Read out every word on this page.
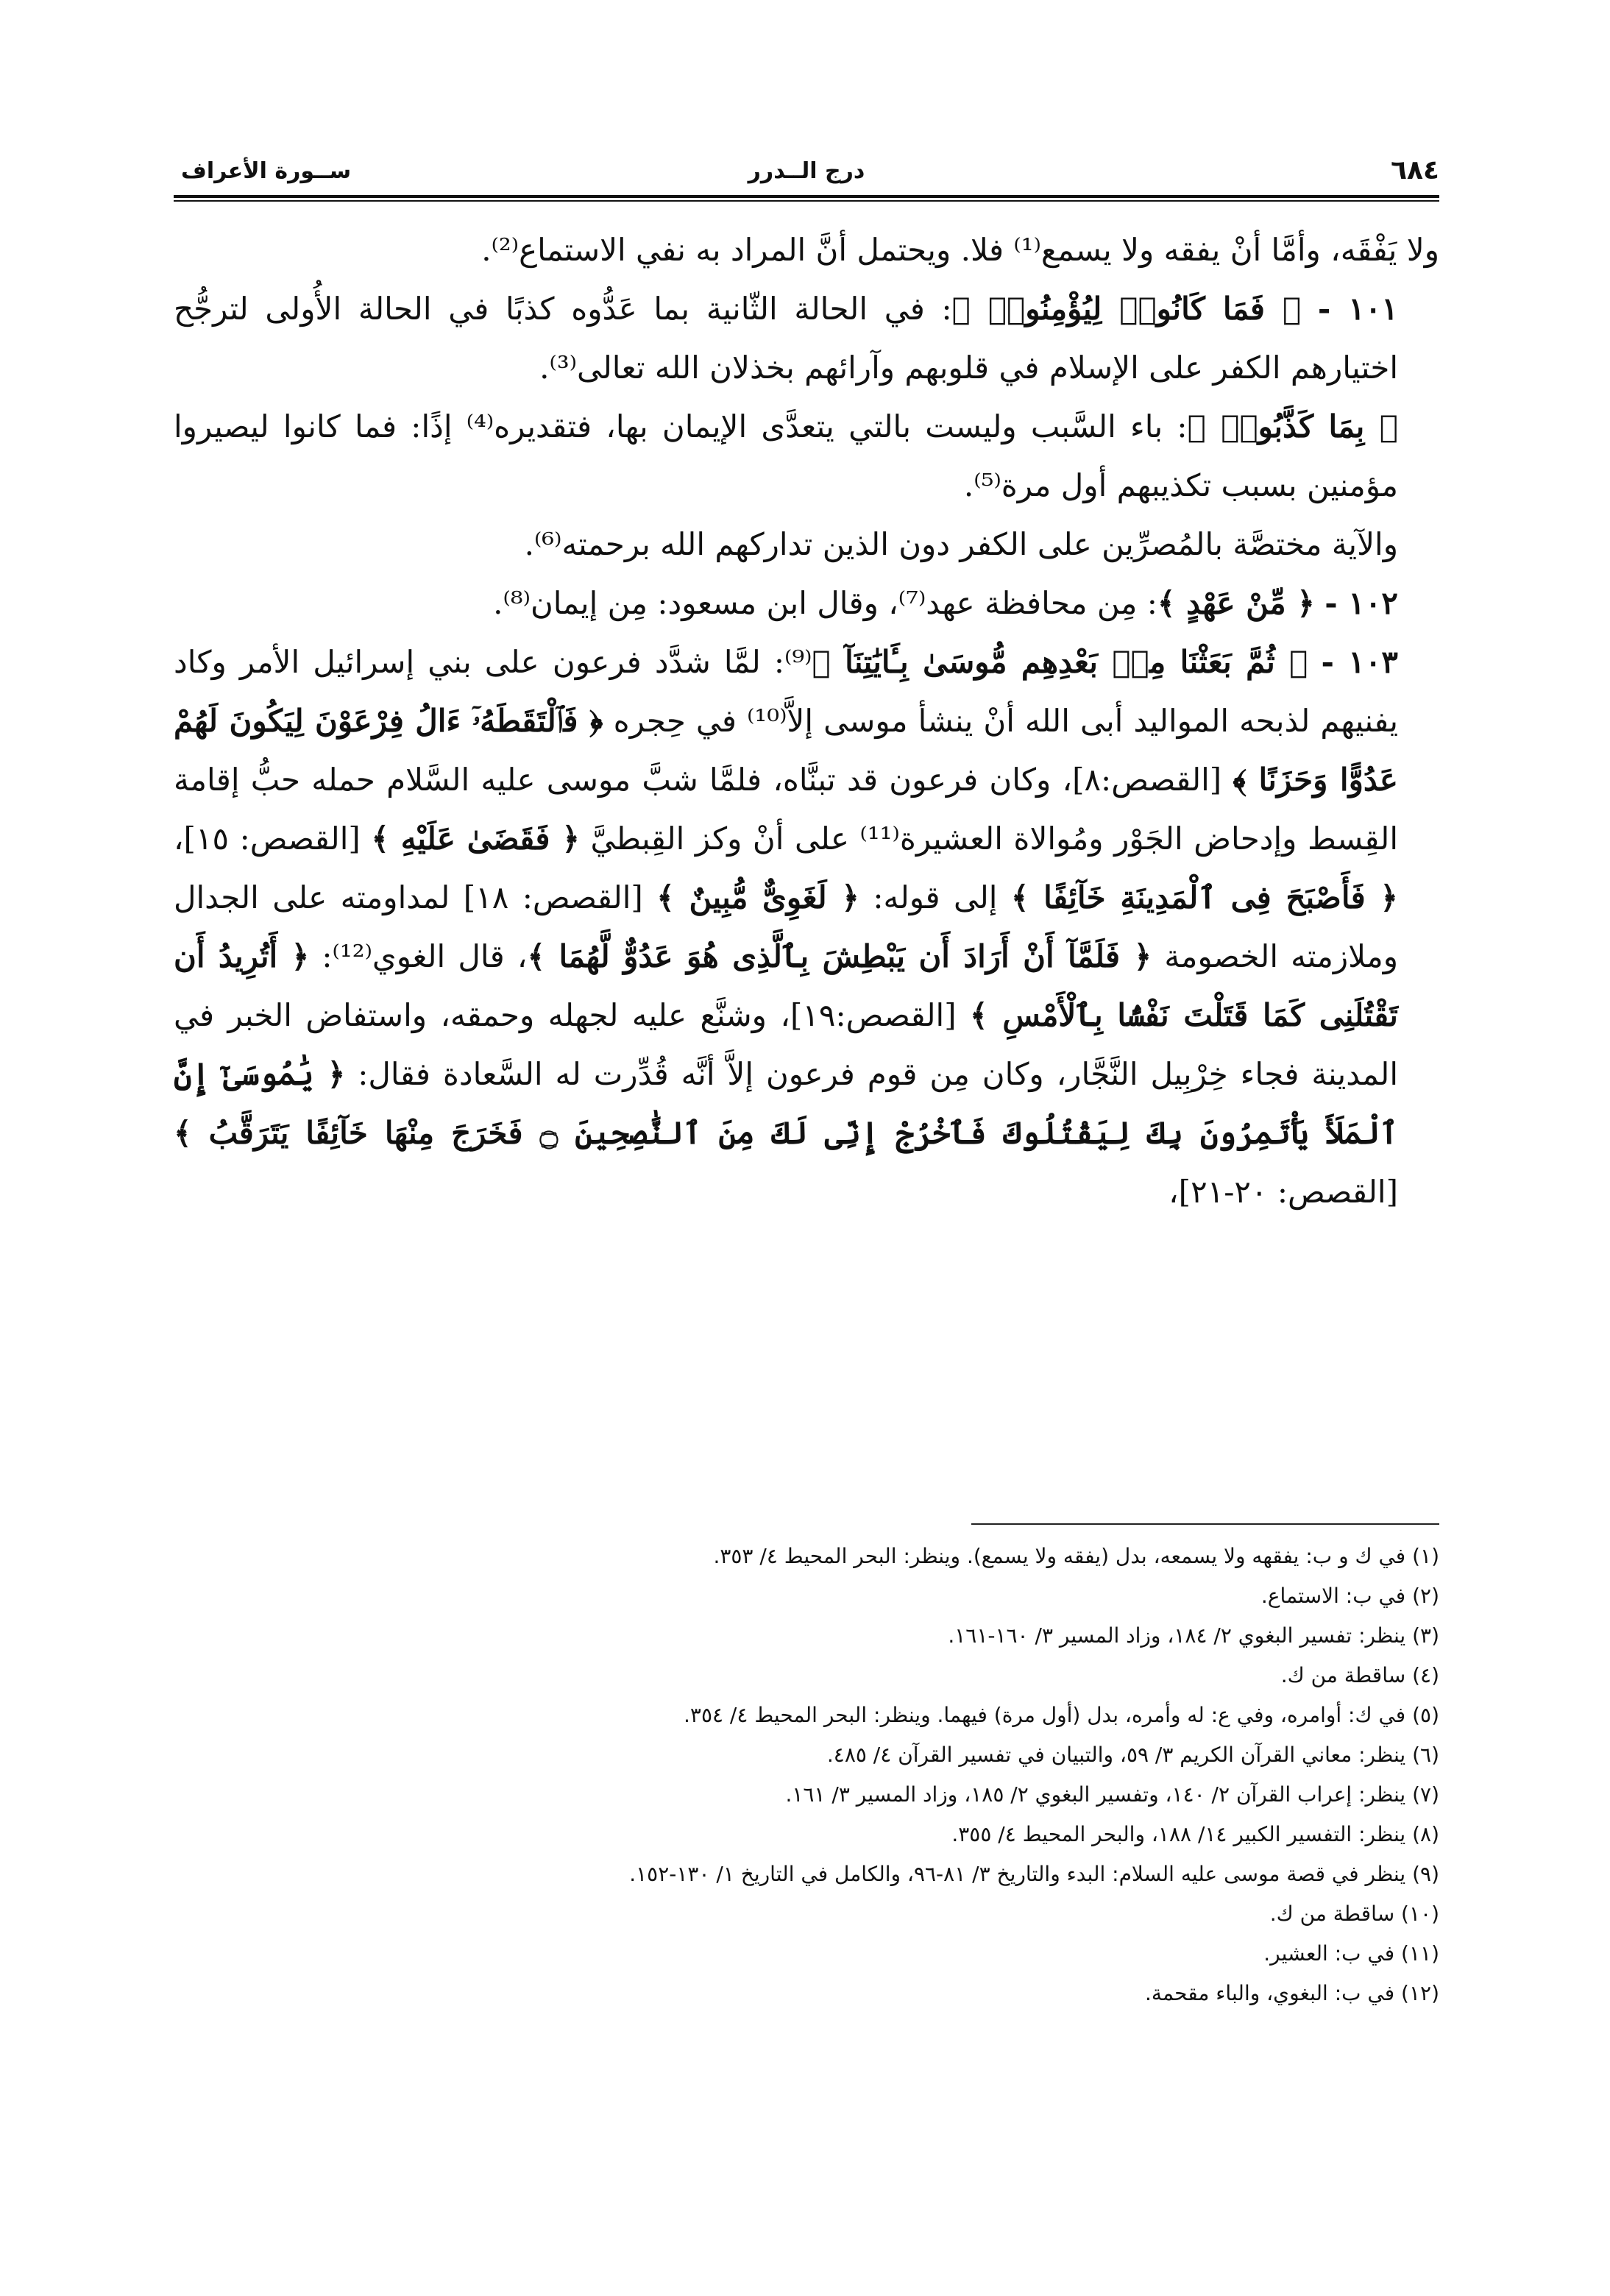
٦٨٤
درج الــدرر
ســورة الأعراف

ولا يَفْقَه، وأمَّا أنْ يفقه ولا يسمع⁽¹⁾ فلا. ويحتمل أنَّ المراد به نفي الاستماع⁽²⁾.

١٠١ - ﴿ فَمَا كَانُوا۟ لِيُؤْمِنُوا۟ ﴾: في الحالة الثّانية بما عَدُّوه كذبًا في الحالة الأُولى لترجُّح اختيارهم الكفر على الإسلام في قلوبهم وآرائهم بخذلان الله تعالى⁽³⁾.

﴿ بِمَا كَذَّبُوا۟ ﴾: باء السَّبب وليست بالتي يتعدَّى الإيمان بها، فتقديره⁽⁴⁾ إذًا: فما كانوا ليصيروا مؤمنين بسبب تكذيبهم أول مرة⁽⁵⁾.

والآية مختصَّة بالمُصرِّين على الكفر دون الذين تداركهم الله برحمته⁽⁶⁾.

١٠٢ - ﴿ مِّنْ عَهْدٍ ﴾: مِن محافظة عهد⁽⁷⁾، وقال ابن مسعود: مِن إيمان⁽⁸⁾.

١٠٣ - ﴿ ثُمَّ بَعَثْنَا مِنۢ بَعْدِهِم مُّوسَىٰ بِـَٔايَٰتِنَآ ﴾⁽⁹⁾: لمَّا شدَّد فرعون على بني إسرائيل الأمر وكاد يفنيهم لذبحه المواليد أبى الله أنْ ينشأ موسى إلاَّ⁽¹⁰⁾ في حِجره ﴿ فَٱلْتَقَطَهُۥٓ ءَالُ فِرْعَوْنَ لِيَكُونَ لَهُمْ عَدُوًّا وَحَزَنًا ﴾ [القصص:٨]، وكان فرعون قد تبنَّاه، فلمَّا شبَّ موسى عليه السَّلام حمله حبُّ إقامة القِسط وإدحاض الجَوْر ومُوالاة العشيرة⁽¹¹⁾ على أنْ وكز القِبطيَّ ﴿ فَقَضَىٰ عَلَيْهِ ﴾ [القصص: ١٥]، ﴿ فَأَصْبَحَ فِى ٱلْمَدِينَةِ خَآئِفًا ﴾ إلى قوله: ﴿ لَغَوِىٌّ مُّبِينٌ ﴾ [القصص: ١٨] لمداومته على الجدال وملازمته الخصومة ﴿ فَلَمَّآ أَنْ أَرَادَ أَن يَبْطِشَ بِٱلَّذِى هُوَ عَدُوٌّ لَّهُمَا ﴾، قال الغوي⁽¹²⁾: ﴿ أَتُرِيدُ أَن تَقْتُلَنِى كَمَا قَتَلْتَ نَفْسًۢا بِٱلْأَمْسِ ﴾ [القصص:١٩]، وشنَّع عليه لجهله وحمقه، واستفاض الخبر في المدينة فجاء خِرْبِيل النَّجَّار، وكان مِن قوم فرعون إلاَّ أنَّه قُدِّرت له السَّعادة فقال: ﴿ يَٰمُوسَىٰٓ إِنَّ ٱلْمَلَأَ يَأْتَمِرُونَ بِكَ لِيَقْتُلُوكَ فَٱخْرُجْ إِنِّى لَكَ مِنَ ٱلنَّٰصِحِينَ ۝ فَخَرَجَ مِنْهَا خَآئِفًا يَتَرَقَّبُ ﴾ [القصص: ٢٠-٢١]،

(١) في ك و ب: يفقهه ولا يسمعه، بدل (يفقه ولا يسمع). وينظر: البحر المحيط ٤/ ٣٥٣.
(٢) في ب: الاستماع.
(٣) ينظر: تفسير البغوي ٢/ ١٨٤، وزاد المسير ٣/ ١٦٠-١٦١.
(٤) ساقطة من ك.
(٥) في ك: أوامره، وفي ع: له وأمره، بدل (أول مرة) فيهما. وينظر: البحر المحيط ٤/ ٣٥٤.
(٦) ينظر: معاني القرآن الكريم ٣/ ٥٩، والتبيان في تفسير القرآن ٤/ ٤٨٥.
(٧) ينظر: إعراب القرآن ٢/ ١٤٠، وتفسير البغوي ٢/ ١٨٥، وزاد المسير ٣/ ١٦١.
(٨) ينظر: التفسير الكبير ١٤/ ١٨٨، والبحر المحيط ٤/ ٣٥٥.
(٩) ينظر في قصة موسى عليه السلام: البدء والتاريخ ٣/ ٨١-٩٦، والكامل في التاريخ ١/ ١٣٠-١٥٢.
(١٠) ساقطة من ك.
(١١) في ب: العشير.
(١٢) في ب: البغوي، والباء مقحمة.
